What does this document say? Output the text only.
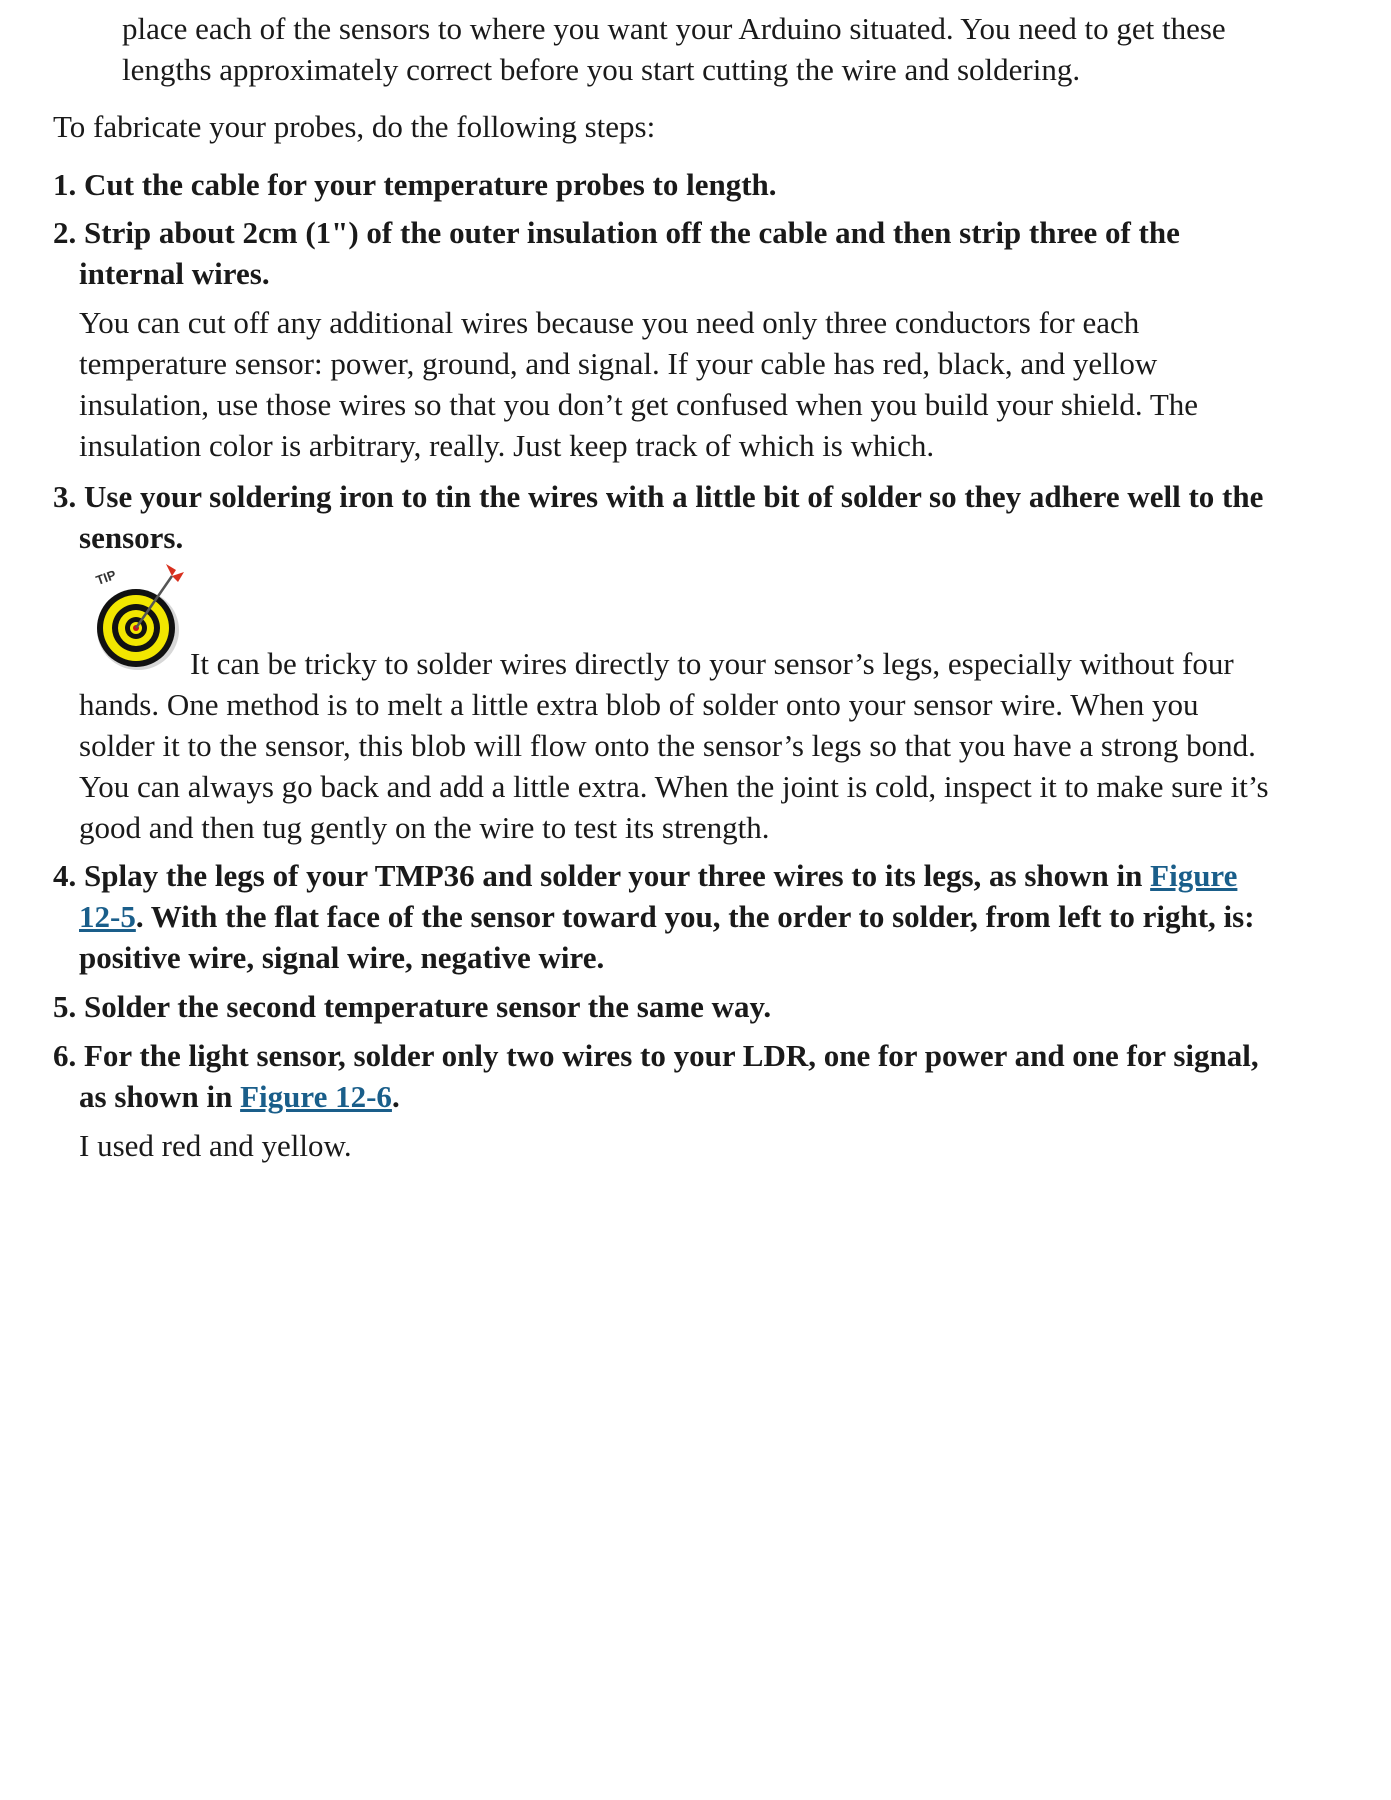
place each of the sensors to where you want your Arduino situated. You need to get these
lengths approximately correct before you start cutting the wire and soldering.
To fabricate your probes, do the following steps:
1. Cut the cable for your temperature probes to length.
2. Strip about 2cm (1") of the outer insulation off the cable and then strip three of the
internal wires.
You can cut off any additional wires because you need only three conductors for each
temperature sensor: power, ground, and signal. If your cable has red, black, and yellow
insulation, use those wires so that you don’t get confused when you build your shield. The
insulation color is arbitrary, really. Just keep track of which is which.
3. Use your soldering iron to tin the wires with a little bit of solder so they adhere well to the
sensors.
TIP
It can be tricky to solder wires directly to your sensor’s legs, especially without four
hands. One method is to melt a little extra blob of solder onto your sensor wire. When you
solder it to the sensor, this blob will flow onto the sensor’s legs so that you have a strong bond.
You can always go back and add a little extra. When the joint is cold, inspect it to make sure it’s
good and then tug gently on the wire to test its strength.
4. Splay the legs of your TMP36 and solder your three wires to its legs, as shown in Figure
12-5. With the flat face of the sensor toward you, the order to solder, from left to right, is:
positive wire, signal wire, negative wire.
5. Solder the second temperature sensor the same way.
6. For the light sensor, solder only two wires to your LDR, one for power and one for signal,
as shown in Figure 12-6.
I used red and yellow.
